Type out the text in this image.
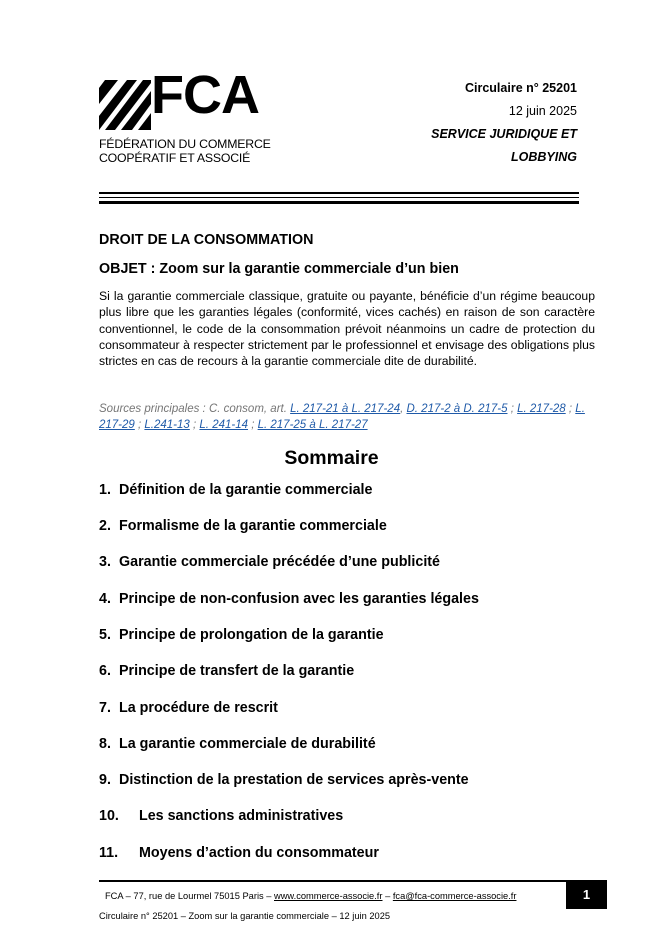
FCA
FÉDÉRATION DU COMMERCE
COOPÉRATIF ET ASSOCIÉ
Circulaire n° 25201
12 juin 2025
SERVICE JURIDIQUE ET
LOBBYING
DROIT DE LA CONSOMMATION
OBJET : Zoom sur la garantie commerciale d’un bien
Si la garantie commerciale classique, gratuite ou payante, bénéficie d’un régime beaucoup plus libre que les garanties légales (conformité, vices cachés) en raison de son caractère conventionnel, le code de la consommation prévoit néanmoins un cadre de protection du consommateur à respecter strictement par le professionnel et envisage des obligations plus strictes en cas de recours à la garantie commerciale dite de durabilité.
Sources principales : C. consom, art. L. 217-21 à L. 217-24, D. 217-2 à D. 217-5 ; L. 217-28 ; L. 217-29 ; L.241-13 ; L. 241-14 ; L. 217-25 à L. 217-27
Sommaire
1. Définition de la garantie commerciale
2. Formalisme de la garantie commerciale
3. Garantie commerciale précédée d’une publicité
4. Principe de non-confusion avec les garanties légales
5. Principe de prolongation de la garantie
6. Principe de transfert de la garantie
7. La procédure de rescrit
8. La garantie commerciale de durabilité
9. Distinction de la prestation de services après-vente
10. Les sanctions administratives
11. Moyens d’action du consommateur
FCA – 77, rue de Lourmel 75015 Paris – www.commerce-associe.fr – fca@fca-commerce-associe.fr	1
Circulaire n° 25201 – Zoom sur la garantie commerciale – 12 juin 2025
